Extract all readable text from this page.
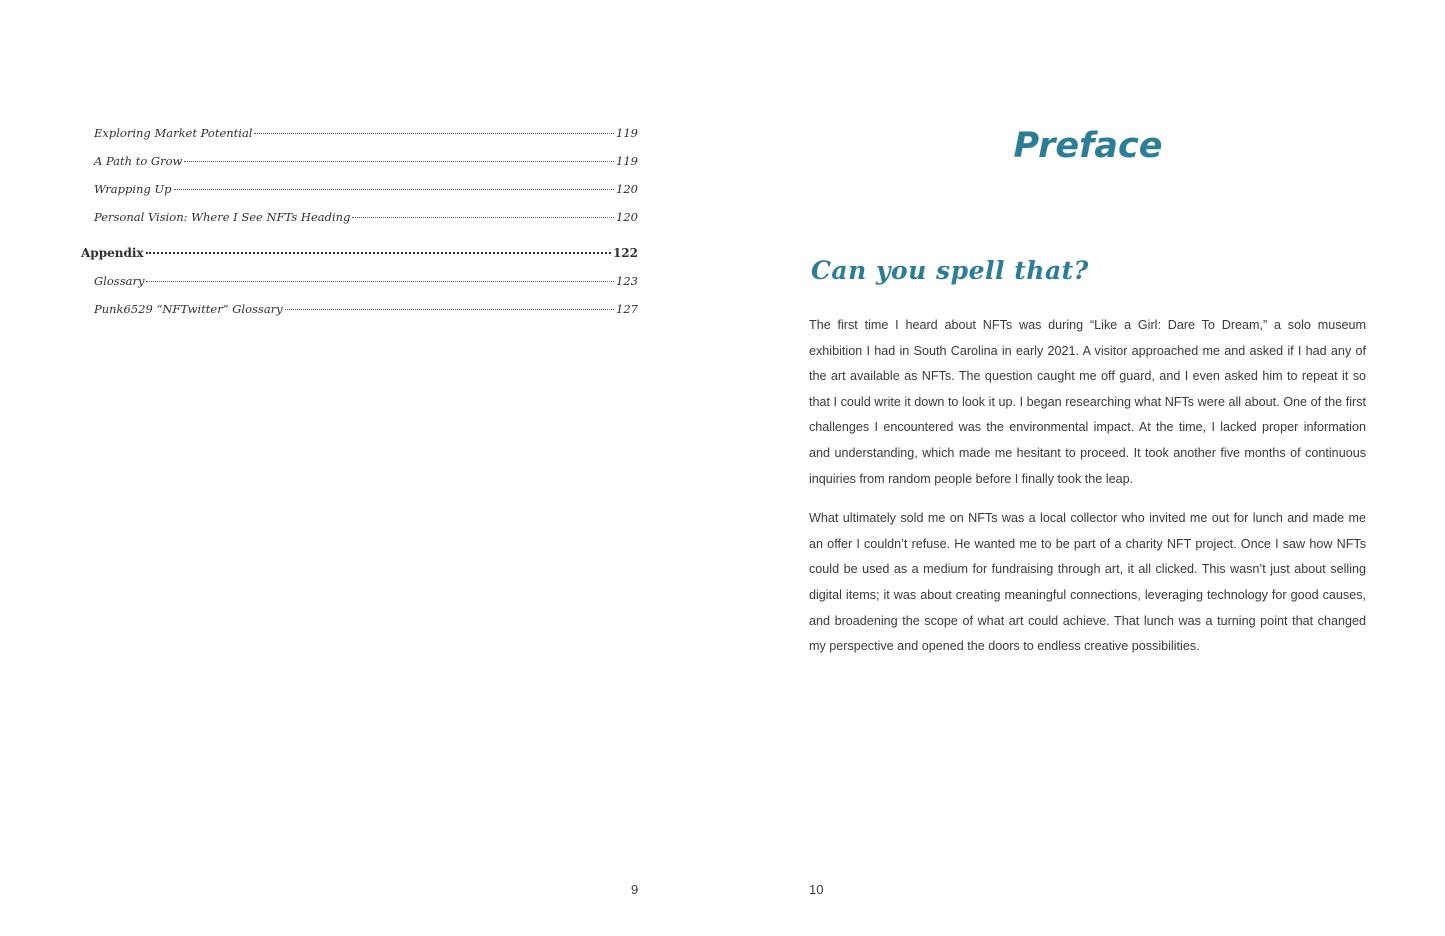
Exploring Market Potential	119
A Path to Grow	119
Wrapping Up	120
Personal Vision: Where I See NFTs Heading	120
Appendix	122
Glossary	123
Punk6529 “NFTwitter” Glossary	127
9
Preface
Can you spell that?

The first time I heard about NFTs was during “Like a Girl: Dare To Dream,” a solo museum exhibition I had in South Carolina in early 2021. A visitor approached me and asked if I had any of the art available as NFTs. The question caught me off guard, and I even asked him to repeat it so that I could write it down to look it up. I began researching what NFTs were all about. One of the first challenges I encountered was the environmental impact. At the time, I lacked proper information and understanding, which made me hesitant to proceed. It took another five months of continuous inquiries from random people before I finally took the leap.

What ultimately sold me on NFTs was a local collector who invited me out for lunch and made me an offer I couldn’t refuse. He wanted me to be part of a charity NFT project. Once I saw how NFTs could be used as a medium for fundraising through art, it all clicked. This wasn’t just about selling digital items; it was about creating meaningful connections, leveraging technology for good causes, and broadening the scope of what art could achieve. That lunch was a turning point that changed my perspective and opened the doors to endless creative possibilities.

10
